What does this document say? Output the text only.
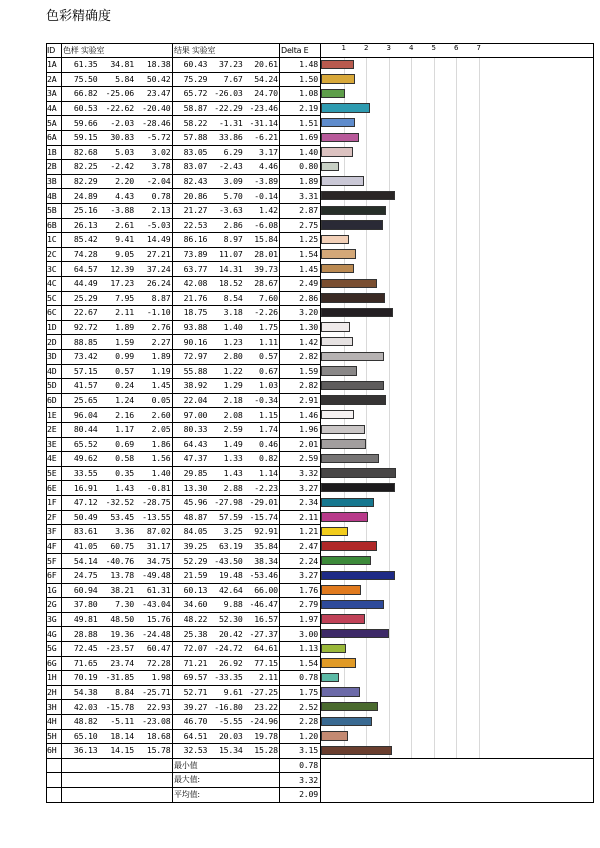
色彩精确度
ID 色样 实验室	结果 实验室	Delta E	1	2	3	4	5	6	7
1A 61.35 34.81 18.38 60.43 37.23 20.61	1.48
2A 75.50 5.84 50.42 75.29 7.67 54.24	1.50
3A 66.82 -25.06 23.47 65.72 -26.03 24.70	1.08
4A 60.53 -22.62 -20.40 58.87 -22.29 -23.46	2.19
5A 59.66 -2.03 -28.46 58.22 -1.31 -31.14	1.51
6A 59.15 30.83 -5.72 57.88 33.86 -6.21	1.69
1B 82.68 5.03 3.02 83.05 6.29 3.17	1.40
2B 82.25 -2.42 3.78 83.07 -2.43 4.46	0.80
3B 82.29 2.20 -2.04 82.43 3.09 -3.89	1.89
4B 24.89 4.43 0.78 20.86 5.70 -0.14	3.31
5B 25.16 -3.88 2.13 21.27 -3.63 1.42	2.87
6B 26.13 2.61 -5.03 22.53 2.86 -6.08	2.75
1C 85.42 9.41 14.49 86.16 8.97 15.84	1.25
2C 74.28 9.05 27.21 73.89 11.07 28.01	1.54
3C 64.57 12.39 37.24 63.77 14.31 39.73	1.45
4C 44.49 17.23 26.24 42.08 18.52 28.67	2.49
5C 25.29 7.95 8.87 21.76 8.54 7.60	2.86
6C 22.67 2.11 -1.10 18.75 3.18 -2.26	3.20
1D 92.72 1.89 2.76 93.88 1.40 1.75	1.30
2D 88.85 1.59 2.27 90.16 1.23 1.11	1.42
3D 73.42 0.99 1.89 72.97 2.80 0.57	2.82
4D 57.15 0.57 1.19 55.88 1.22 0.67	1.59
5D 41.57 0.24 1.45 38.92 1.29 1.03	2.82
6D 25.65 1.24 0.05 22.04 2.18 -0.34	2.91
1E 96.04 2.16 2.60 97.00 2.08 1.15	1.46
2E 80.44 1.17 2.05 80.33 2.59 1.74	1.96
3E 65.52 0.69 1.86 64.43 1.49 0.46	2.01
4E 49.62 0.58 1.56 47.37 1.33 0.82	2.59
5E 33.55 0.35 1.40 29.85 1.43 1.14	3.32
6E 16.91 1.43 -0.81 13.30 2.88 -2.23	3.27
1F 47.12 -32.52 -28.75 45.96 -27.98 -29.01	2.34
2F 50.49 53.45 -13.55 48.87 57.59 -15.74	2.11
3F 83.61 3.36 87.02 84.05 3.25 92.91	1.21
4F 41.05 60.75 31.17 39.25 63.19 35.84	2.47
5F 54.14 -40.76 34.75 52.29 -43.50 38.34	2.24
6F 24.75 13.78 -49.48 21.59 19.48 -53.46	3.27
1G 60.94 38.21 61.31 60.13 42.64 66.00	1.76
2G 37.80 7.30 -43.04 34.60 9.88 -46.47	2.79
3G 49.81 48.50 15.76 48.22 52.30 16.57	1.97
4G 28.88 19.36 -24.48 25.38 20.42 -27.37	3.00
5G 72.45 -23.57 60.47 72.07 -24.72 64.61	1.13
6G 71.65 23.74 72.28 71.21 26.92 77.15	1.54
1H 70.19 -31.85 1.98 69.57 -33.35 2.11	0.78
2H 54.38 8.84 -25.71 52.71 9.61 -27.25	1.75
3H 42.03 -15.78 22.93 39.27 -16.80 23.22	2.52
4H 48.82 -5.11 -23.08 46.70 -5.55 -24.96	2.28
5H 65.10 18.14 18.68 64.51 20.03 19.78	1.20
6H 36.13 14.15 15.78 32.53 15.34 15.28	3.15
最小值	0.78
最大值:	3.32
平均值:	2.09
